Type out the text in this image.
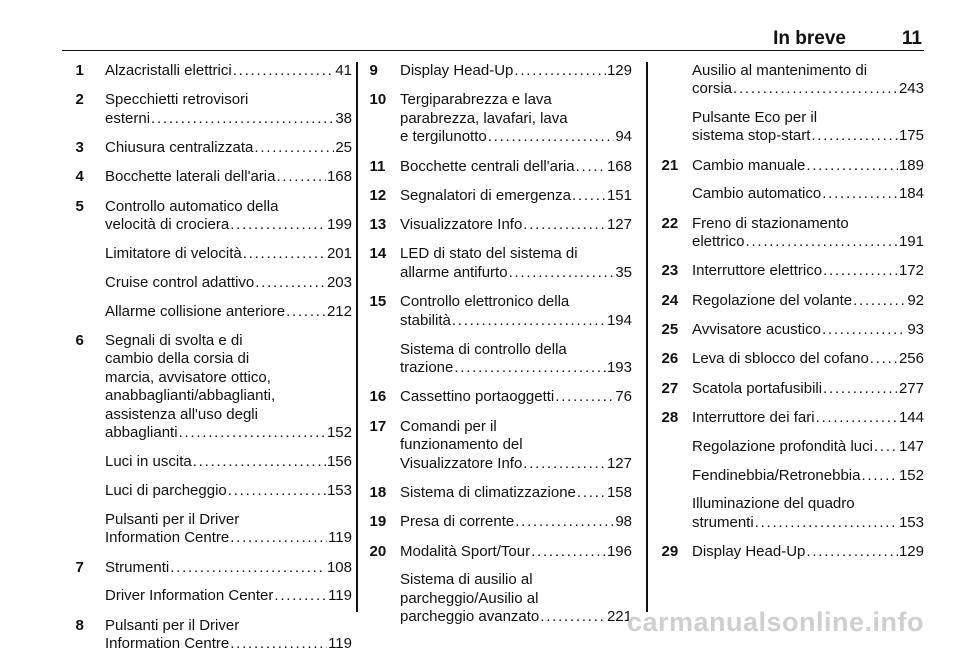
In breve	11
1 Alzacristalli elettrici . . .	41
2 Specchietti retrovisori
esterni . . .	38
3 Chiusura centralizzata . . .	25
4 Bocchette laterali dell'aria . . .	168
5 Controllo automatico della
velocità di crociera . . .	199
Limitatore di velocità . . .	201
Cruise control adattivo . . .	203
Allarme collisione anteriore . . .	212
6 Segnali di svolta e di
cambio della corsia di
marcia, avvisatore ottico,
anabbaglianti/abbaglianti,
assistenza all'uso degli
abbaglianti . . .	152
Luci in uscita . . .	156
Luci di parcheggio . . .	153
Pulsanti per il Driver
Information Centre . . .	119
7 Strumenti . . .	108
Driver Information Center . . .	119
8 Pulsanti per il Driver
Information Centre . . .	119
9 Display Head-Up . . .	129
10 Tergiparabrezza e lava
parabrezza, lavafari, lava
e tergilunotto . . .	94
11 Bocchette centrali dell'aria . . . 168
12 Segnalatori di emergenza . . . 151
13 Visualizzatore Info . . .	127
14 LED di stato del sistema di
allarme antifurto . . .	35
15 Controllo elettronico della
stabilità . . .	194
Sistema di controllo della
trazione . . .	193
16 Cassettino portaoggetti . . .	76
17 Comandi per il
funzionamento del
Visualizzatore Info . . .	127
18 Sistema di climatizzazione . . . 158
19 Presa di corrente . . .	98
20 Modalità Sport/Tour . . .	196
Sistema di ausilio al
parcheggio/Ausilio al
parcheggio avanzato . . .	221
Ausilio al mantenimento di
corsia . . .	243
Pulsante Eco per il
sistema stop-start . . .	175
21 Cambio manuale . . .	189
Cambio automatico . . .	184
22 Freno di stazionamento
elettrico . . .	191
23 Interruttore elettrico . . .	172
24 Regolazione del volante . . .	92
25 Avvisatore acustico . . .	93
26 Leva di sblocco del cofano . . . 256
27 Scatola portafusibili . . .	277
28 Interruttore dei fari . . .	144
Regolazione profondità luci . . . 147
Fendinebbia/Retronebbia . . .	152
Illuminazione del quadro
strumenti . . .	153
29 Display Head-Up . . .	129
carmanualsonline.info
